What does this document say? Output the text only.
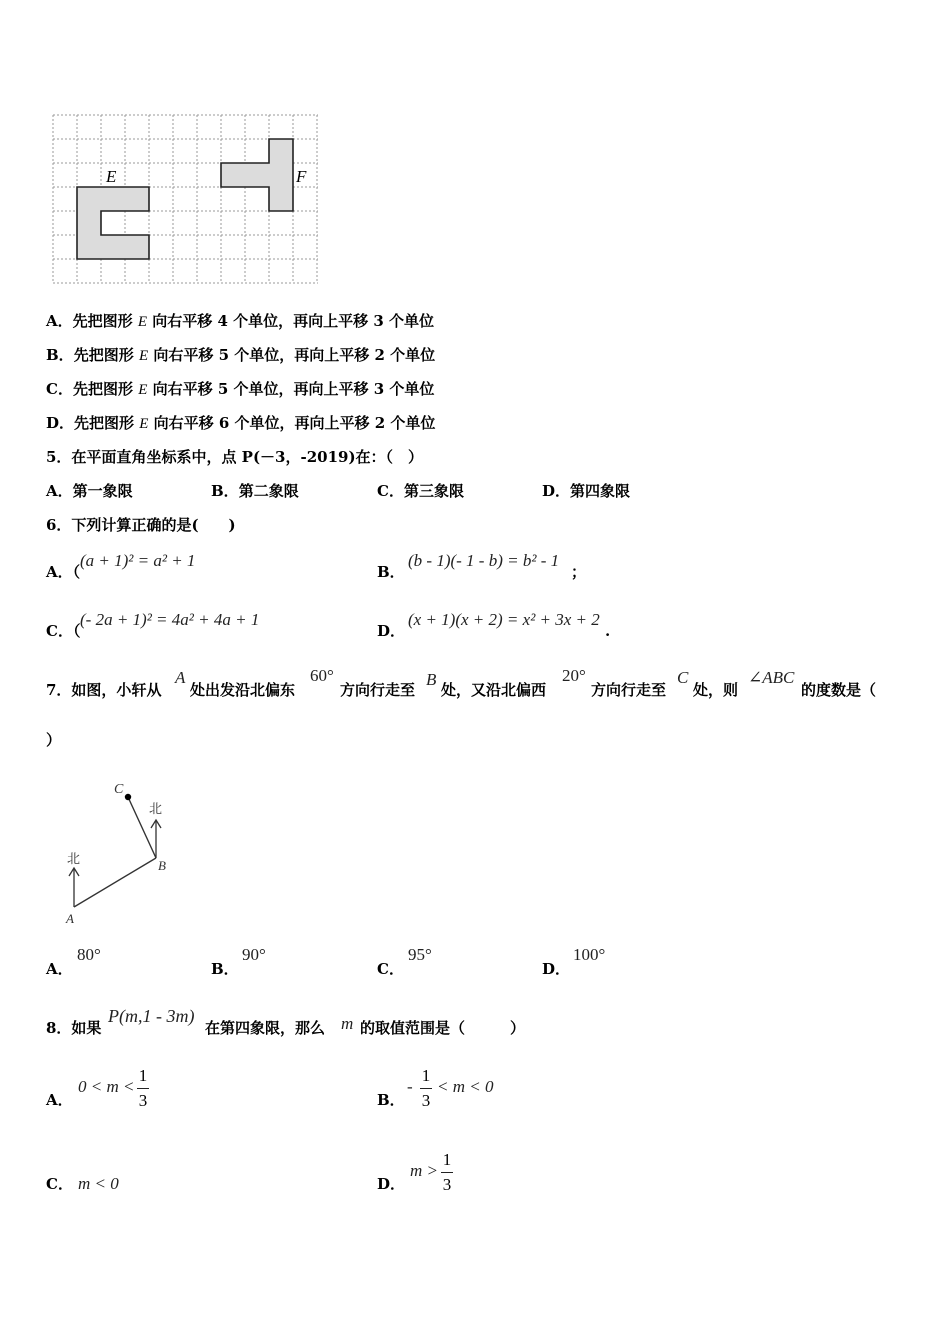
E	F
A．先把图形 E 向右平移 4 个单位，再向上平移 3 个单位
B．先把图形 E 向右平移 5 个单位，再向上平移 2 个单位
C．先把图形 E 向右平移 5 个单位，再向上平移 3 个单位
D．先把图形 E 向右平移 6 个单位，再向上平移 2 个单位
5．在平面直角坐标系中，点 P(－3，-2019)在：（　）
A．第一象限	B．第二象限	C．第三象限	D．第四象限
6．下列计算正确的是(　　)
A．（
(a + 1)² = a² + 1
B．
(b - 1)(- 1 - b) = b² - 1
；
C．（
(- 2a + 1)² = 4a² + 4a + 1
D．
(x + 1)(x + 2) = x² + 3x + 2
.
7．如图，小轩从
A
处出发沿北偏东
60°
方向行走至
B
处，又沿北偏西
20°
方向行走至
C
处，则
∠ABC
的度数是（
）
北
北
A
B
C
A．
80°
B．
90°
C．
95°
D．
100°
8．如果
P(m,1 - 3m)
在第四象限，那么 m 的取值范围是（　　　）
A．
0 < m <
1
3	B．
-
1
3
< m < 0
C． m < 0	D．
m >
1
3
